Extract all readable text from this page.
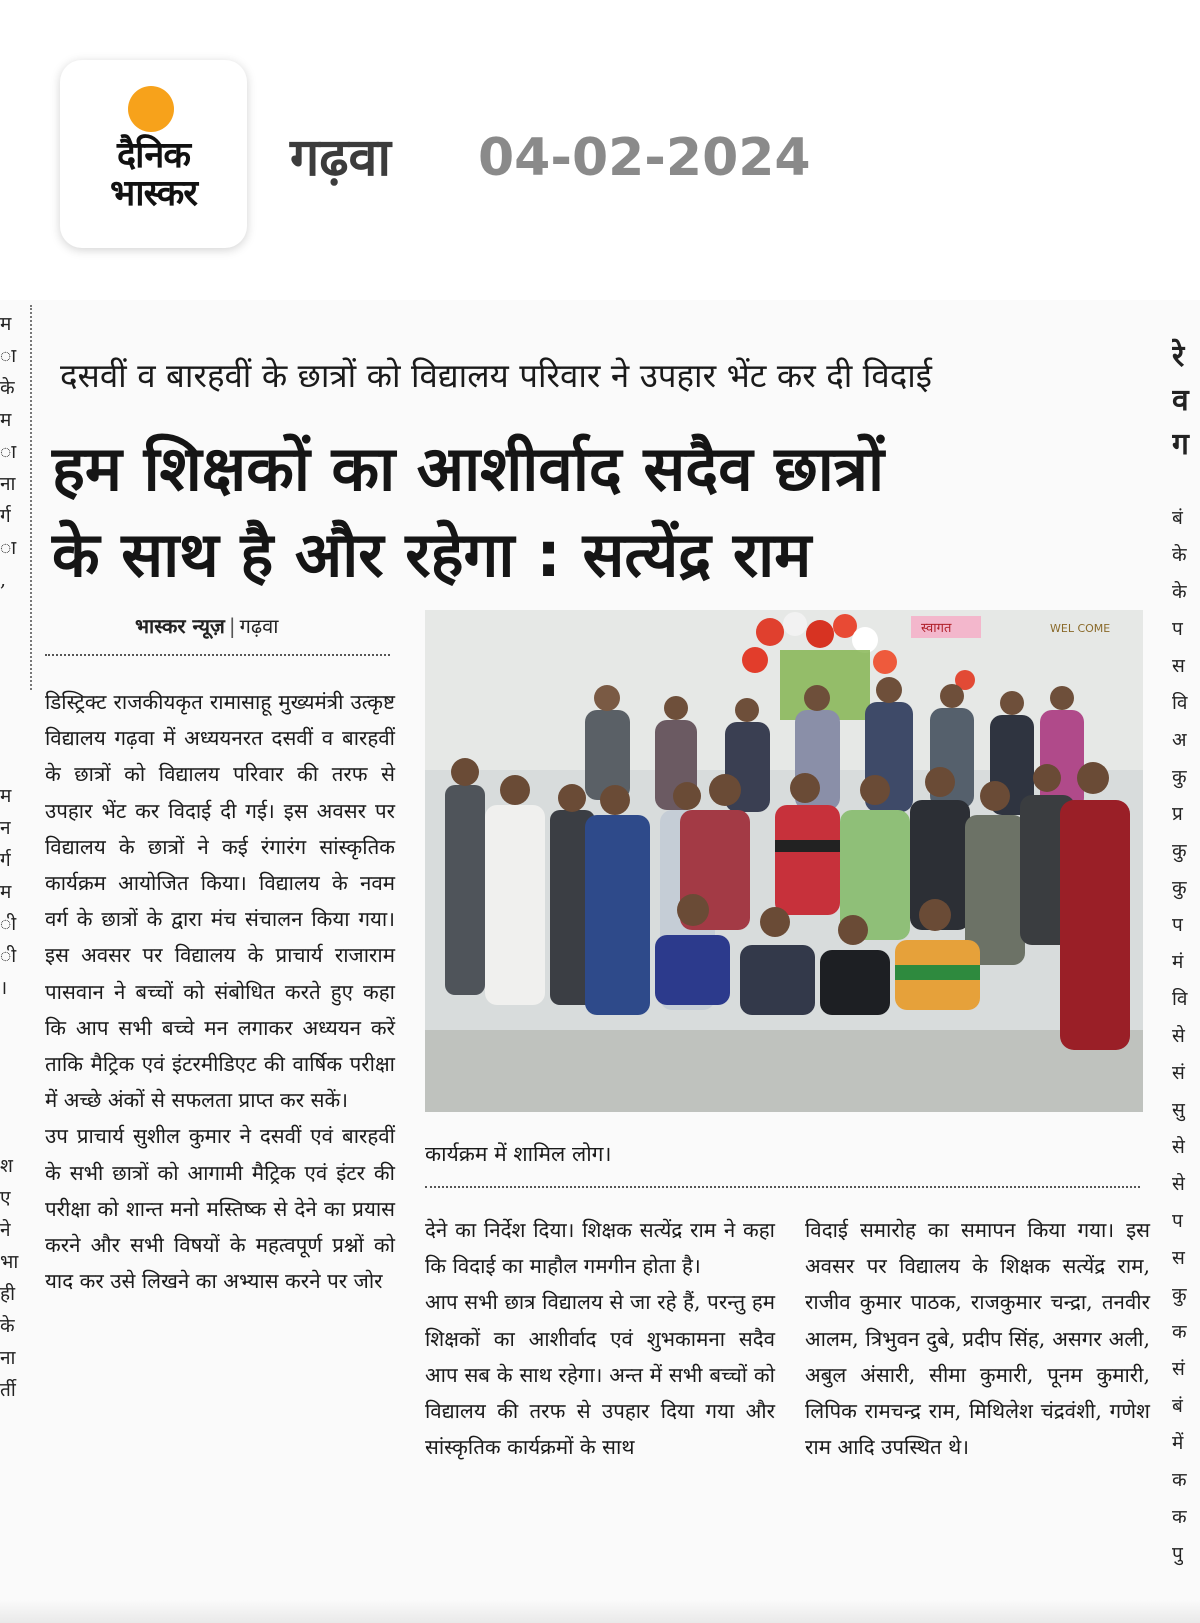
दैनिक
भास्कर
गढ़वा 04-02-2024
म
ा
के
म
ा
ना
र्ग
ा
,
म
न
र्ग
म
ी
ी
।
श
ए
ने
भा
ही
के
ना
र्ती
रे
व
ग
बं
के
के
प
स
वि
अ
कु
प्र
कु
कु
प
मं
वि
से
सं
सु
से
से
प
स
कु
क
सं
बं
में
क
क
पु
दसवीं व बारहवीं के छात्रों को विद्यालय परिवार ने उपहार भेंट कर दी विदाई
हम शिक्षकों का आशीर्वाद सदैव छात्रों
के साथ है और रहेगा : सत्येंद्र राम
भास्कर न्यूज़ | गढ़वा

डिस्ट्रिक्ट राजकीयकृत रामासाहू मुख्यमंत्री उत्कृष्ट विद्यालय गढ़वा में अध्ययनरत दसवीं व बारहवीं के छात्रों को विद्यालय परिवार की तरफ से उपहार भेंट कर विदाई दी गई। इस अवसर पर विद्यालय के छात्रों ने कई रंगारंग सांस्कृतिक कार्यक्रम आयोजित किया। विद्यालय के नवम वर्ग के छात्रों के द्वारा मंच संचालन किया गया। इस अवसर पर विद्यालय के प्राचार्य राजाराम पासवान ने बच्चों को संबोधित करते हुए कहा कि आप सभी बच्चे मन लगाकर अध्ययन करें ताकि मैट्रिक एवं इंटरमीडिएट की वार्षिक परीक्षा में अच्छे अंकों से सफलता प्राप्त कर सकें।

उप प्राचार्य सुशील कुमार ने दसवीं एवं बारहवीं के सभी छात्रों को आगामी मैट्रिक एवं इंटर की परीक्षा को शान्त मनो मस्तिष्क से देने का प्रयास करने और सभी विषयों के महत्वपूर्ण प्रश्नों को याद कर उसे लिखने का अभ्यास करने पर जोर

स्वागत	WEL COME
कार्यक्रम में शामिल लोग।

देने का निर्देश दिया। शिक्षक सत्येंद्र राम ने कहा कि विदाई का माहौल गमगीन होता है।

आप सभी छात्र विद्यालय से जा रहे हैं, परन्तु हम शिक्षकों का आशीर्वाद एवं शुभकामना सदैव आप सब के साथ रहेगा। अन्त में सभी बच्चों को विद्यालय की तरफ से उपहार दिया गया और सांस्कृतिक कार्यक्रमों के साथ

विदाई समारोह का समापन किया गया। इस अवसर पर विद्यालय के शिक्षक सत्येंद्र राम, राजीव कुमार पाठक, राजकुमार चन्द्रा, तनवीर आलम, त्रिभुवन दुबे, प्रदीप सिंह, असगर अली, अबुल अंसारी, सीमा कुमारी, पूनम कुमारी, लिपिक रामचन्द्र राम, मिथिलेश चंद्रवंशी, गणेश राम आदि उपस्थित थे।
